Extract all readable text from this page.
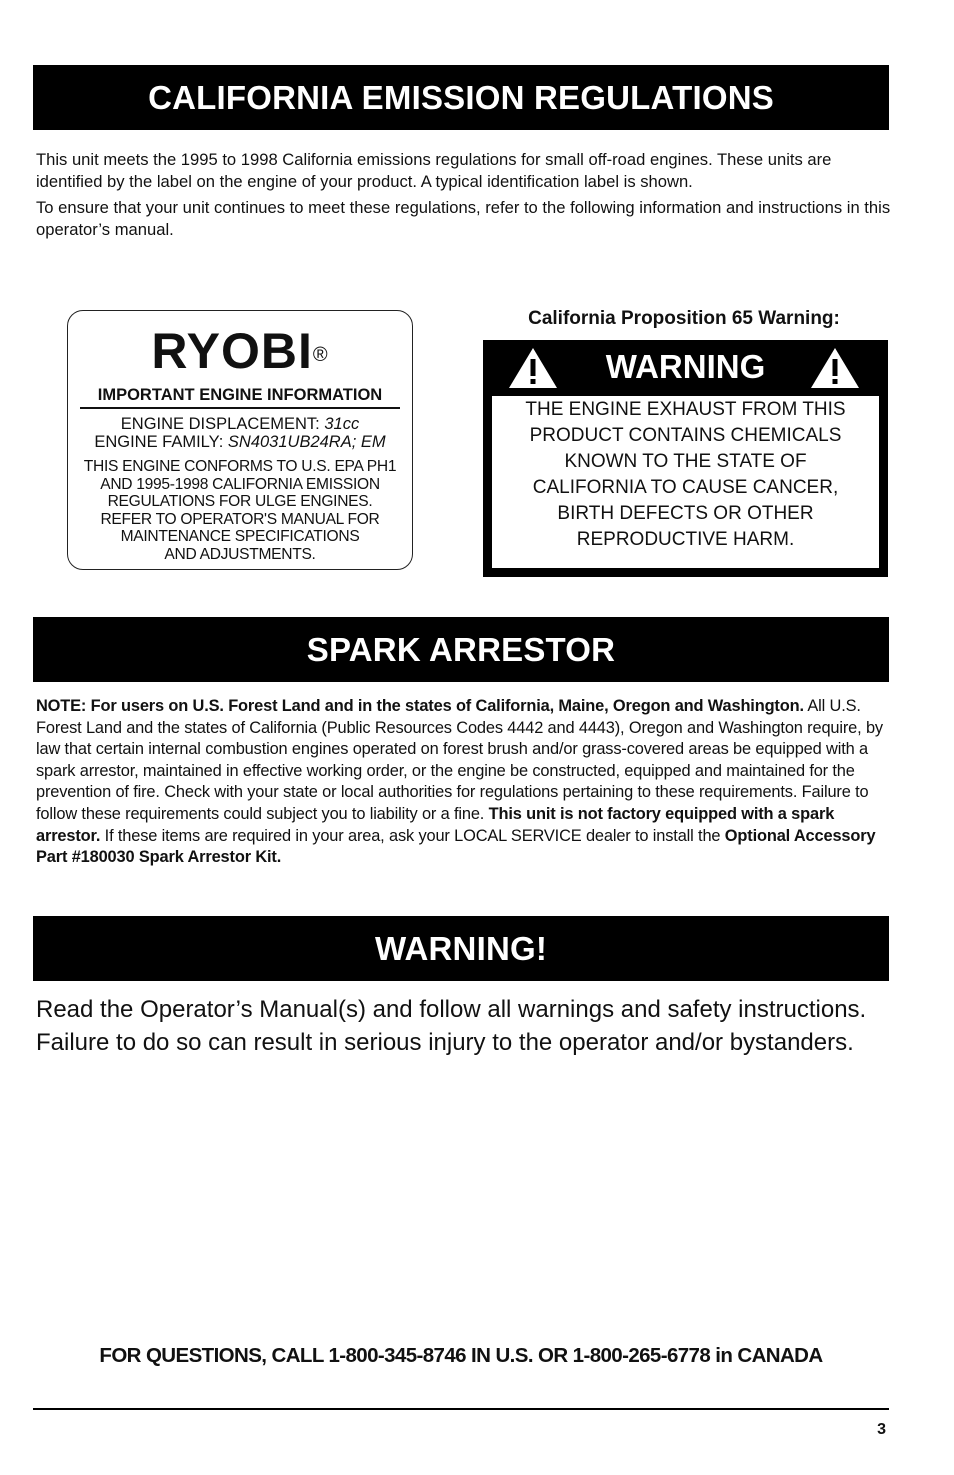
CALIFORNIA EMISSION REGULATIONS

This unit meets the 1995 to 1998 California emissions regulations for small off-road engines. These units are identified by the label on the engine of your product. A typical identification label is shown.

To ensure that your unit continues to meet these regulations, refer to the following information and instructions in this operator’s manual.

RYOBI®
IMPORTANT ENGINE INFORMATION
ENGINE DISPLACEMENT: 31cc
ENGINE FAMILY: SN4031UB24RA; EM
THIS ENGINE CONFORMS TO U.S. EPA PH1
AND 1995-1998 CALIFORNIA EMISSION
REGULATIONS FOR ULGE ENGINES.
REFER TO OPERATOR'S MANUAL FOR
MAINTENANCE SPECIFICATIONS
AND ADJUSTMENTS.
California Proposition 65 Warning:
WARNING
THE ENGINE EXHAUST FROM THIS
PRODUCT CONTAINS CHEMICALS
KNOWN TO THE STATE OF
CALIFORNIA TO CAUSE CANCER,
BIRTH DEFECTS OR OTHER
REPRODUCTIVE HARM.
SPARK ARRESTOR

NOTE: For users on U.S. Forest Land and in the states of California, Maine, Oregon and Washington. All U.S. Forest Land and the states of California (Public Resources Codes 4442 and 4443), Oregon and Washington require, by law that certain internal combustion engines operated on forest brush and/or grass-covered areas be equipped with a spark arrestor, maintained in effective working order, or the engine be constructed, equipped and maintained for the prevention of fire. Check with your state or local authorities for regulations pertaining to these requirements. Failure to follow these requirements could subject you to liability or a fine. This unit is not factory equipped with a spark arrestor. If these items are required in your area, ask your LOCAL SERVICE dealer to install the Optional Accessory Part #180030 Spark Arrestor Kit.

WARNING!

Read the Operator’s Manual(s) and follow all warnings and safety instructions. Failure to do so can result in serious injury to the operator and/or bystanders.

FOR QUESTIONS, CALL 1-800-345-8746 IN U.S. OR 1-800-265-6778 in CANADA
3
